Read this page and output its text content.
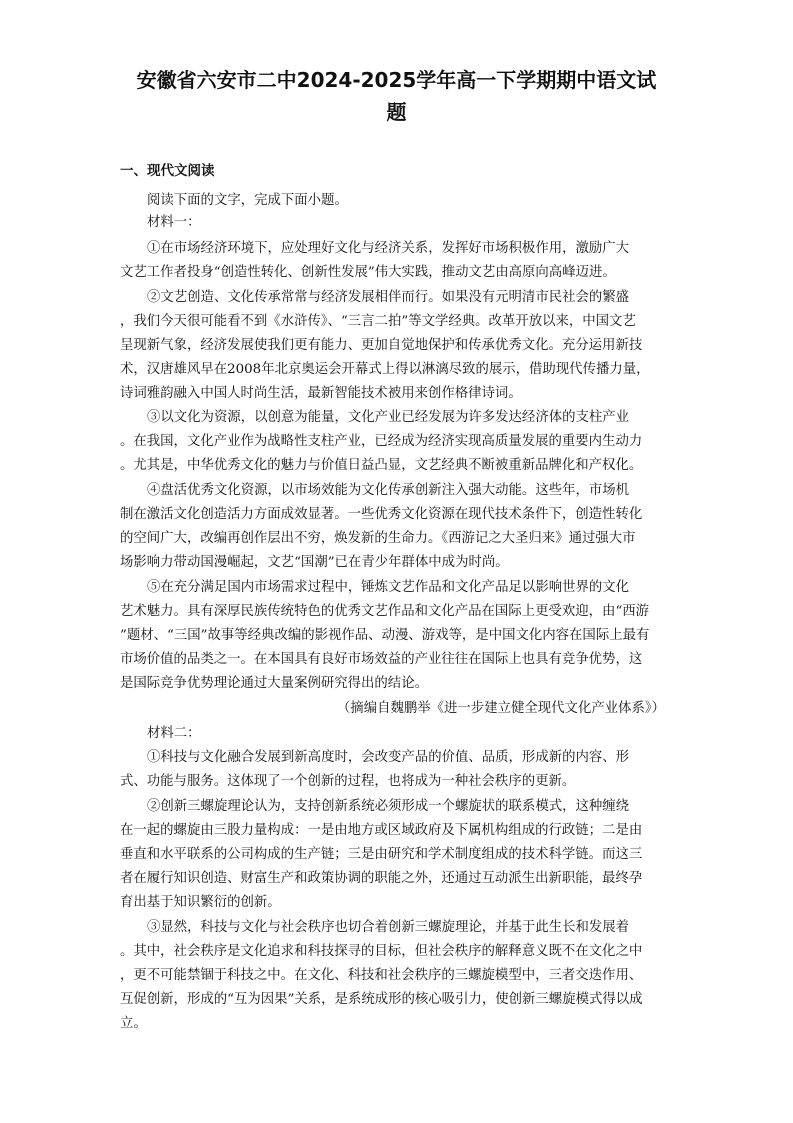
安徽省六安市二中2024-2025学年高一下学期期中语文试
题
一、现代文阅读
阅读下面的文字，完成下面小题。
材料一：
①在市场经济环境下，应处理好文化与经济关系，发挥好市场积极作用，激励广大
文艺工作者投身“创造性转化、创新性发展”伟大实践，推动文艺由高原向高峰迈进。
②文艺创造、文化传承常常与经济发展相伴而行。如果没有元明清市民社会的繁盛
，我们今天很可能看不到《水浒传》、“三言二拍”等文学经典。改革开放以来，中国文艺
呈现新气象，经济发展使我们更有能力、更加自觉地保护和传承优秀文化。充分运用新技
术，汉唐雄风早在2008年北京奥运会开幕式上得以淋漓尽致的展示，借助现代传播力量，
诗词雅韵融入中国人时尚生活，最新智能技术被用来创作格律诗词。
③以文化为资源，以创意为能量，文化产业已经发展为许多发达经济体的支柱产业
。在我国，文化产业作为战略性支柱产业，已经成为经济实现高质量发展的重要内生动力
。尤其是，中华优秀文化的魅力与价值日益凸显，文艺经典不断被重新品牌化和产权化。
④盘活优秀文化资源，以市场效能为文化传承创新注入强大动能。这些年，市场机
制在激活文化创造活力方面成效显著。一些优秀文化资源在现代技术条件下，创造性转化
的空间广大，改编再创作层出不穷，焕发新的生命力。《西游记之大圣归来》通过强大市
场影响力带动国漫崛起，文艺“国潮”已在青少年群体中成为时尚。
⑤在充分满足国内市场需求过程中，锤炼文艺作品和文化产品足以影响世界的文化
艺术魅力。具有深厚民族传统特色的优秀文艺作品和文化产品在国际上更受欢迎，由“西游
”题材、“三国”故事等经典改编的影视作品、动漫、游戏等，是中国文化内容在国际上最有
市场价值的品类之一。在本国具有良好市场效益的产业往往在国际上也具有竞争优势，这
是国际竞争优势理论通过大量案例研究得出的结论。
（摘编自魏鹏举《进一步建立健全现代文化产业体系》）
材料二：
①科技与文化融合发展到新高度时，会改变产品的价值、品质，形成新的内容、形
式、功能与服务。这体现了一个创新的过程，也将成为一种社会秩序的更新。
②创新三螺旋理论认为，支持创新系统必须形成一个螺旋状的联系模式，这种缠绕
在一起的螺旋由三股力量构成：一是由地方或区域政府及下属机构组成的行政链；二是由
垂直和水平联系的公司构成的生产链；三是由研究和学术制度组成的技术科学链。而这三
者在履行知识创造、财富生产和政策协调的职能之外，还通过互动派生出新职能，最终孕
育出基于知识繁衍的创新。
③显然，科技与文化与社会秩序也切合着创新三螺旋理论，并基于此生长和发展着
。其中，社会秩序是文化追求和科技探寻的目标，但社会秩序的解释意义既不在文化之中
，更不可能禁锢于科技之中。在文化、科技和社会秩序的三螺旋模型中，三者交迭作用、
互促创新，形成的“互为因果”关系，是系统成形的核心吸引力，使创新三螺旋模式得以成
立。
